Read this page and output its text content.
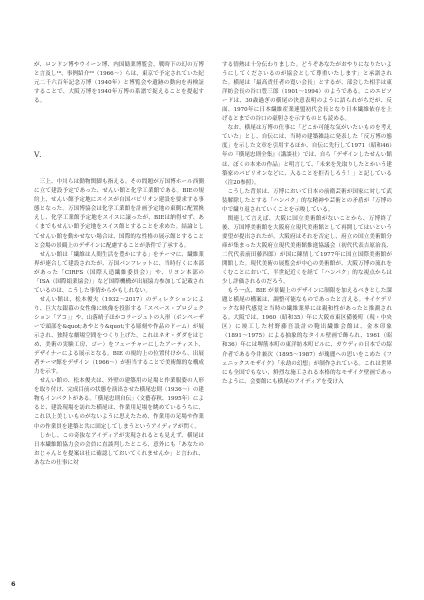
が、ロンドン博やウイーン博、内国勧業博覧会、戦時下の幻の万博と言及し¹⁹、事例紹介²⁰（1966〜）らは、東京で予定されていた紀元二千六百年記念万博（1940年）と博覧会や遺跡の動向を再検証することで、大阪万博を1940年万博の系譜で捉えることを提起する。

V.

三上、中川らは動物関脚も指える。その問題が万国博ホール西側に立て建設予定であった、せんい館と化学工業館である。BIEの規約上、せんい館予定地にスイスが自国パビリオン建設を要求する事態となった。万国博協会は化学工業館を計画予定地の東側に配置換えし、化学工業館予定地をスイスに譲ったが、BIEは納得せず、あくまでもせんい館予定地をスイス館とすることを求めた。結論としてせんい館を動かせない場合は、国際的な性格の展示館とすることと会場の景観上のデザインに配慮することが条件で了承する。

せんい館は「繊維は人間生活を豊かにする」をテーマに、繊維業界が連合して建設されたが、万国パンフレットに、当時行くに本部があった「CIRFS（国際人造繊維委員会）」や、リヨン本部の「ISA（国際絹業協会）」など国際機構が出展協力参加して記載されているのは、こうした事情からかもしれない。

せんい館は、松本俊夫（1932〜2017）のディレクションにより、巨大な銀幕の女性像に映像を投影する「スペース・プロジェクション「アコ」」や、山落晴子ほかコラージュトの人形（ボンペーザーで頭部を&quot;あやとり&quot;する彫刻や作品のドーム）が展示され、独特な劇場空間をつくり上げた。これはネオ・ダダをはじめ、美術の実験工房、ゴー）をフューチャーにしたアーティスト、デザイナーによる展示となる。BIE の規約上の位置付けから、出展者テーマ館をデザイン（1966〜）が担当することで美術館的な構成力を示す。

せんい館の、松本俊夫は、外壁の建築用の足場と作業服姿の人形を取り付け、完成目前の状態を演出させた横尾忠則（1936〜）の建物もインパクトがある。「横尾忠則自伝」（文藝春秋、1995年）によると、建設現場を訪れた横尾は、作業用足場を眺めているうちに、これ以上美しいものがないように思えたため、作業用の足場や作業中の作業員を建築と共に固定してしまうというアイディアが閃く。

しかし、この奇抜なアイディアが実現されるとも見えず、横尾は日本繊維館協力会の会員に直談判したところ、意外にも「あなたのおじゃんとを提案は社に確認しておいてくれませんか」と言われ、あなたの仕事に対

する情熱は十分伝わりました。どうぞあなたがおやりになりたいようにしてくださいるのが協会として尊重いたします」と承諾された。横尾は「最高責任者の寛い会長」とするが、部会した相手は東洋紡会長の谷口豊三郎（1901〜1994）のようである。このエピソードは、30歳過ぎの横尾の決意表明のように語られがちだが、反面、1970年に日本繊維産業連盟初代会長となり日本繊維依存を上げるとまでの谷口の豪胆さを示すものとも読める。

なお、横尾は万博の仕事に「どこか可能な気がいたいものを考えていた」とし、自伝には、当時の建築雑誌に発表した「反万博の態度」を示した文章を引用するほか、自伝に先行して1971（昭和46）年の『横尾忠則全集』（講談社）では、自ら「デザインしたせんい館は、ぼくの本来の作品」と明言して、「未来を先取りしたとかいう建築家のパビリオンなどに、入ることを拒否しろう！」と記している（注20参照）。

こうした背景は、万博において日本の前衛芸術が国家に対して武装解除したとする「ハンパク」的な精神や芸術との矛盾が「万博の中で繊り返されていくことを示唆している。

関連して言えば、大阪に国立美術館がないことから、万博終了後、万国博美術館を大阪府立現代美術館として再開してはいという要望が提出されたが、大阪府はそれを否定し、府立の国立美術館分庫が集まった大阪府立現代美術館推進協議会（初代代表吉原治良、二代代表前田藤四郎）が国に陳情して1977年に国立国際美術館が開館した。現代美術の展覧会が中心の美術館が、大阪万博の流れをくむことにおいて、半世紀近くを経て「ハンパク」的な視点からは少し評価されるのだろう。

もう一点、BIE が景観上のデザインに制限を加えるべきとした課題と横尾の構案は、調整可能なものであったと言える。サイケデリックな時代感覚と当時の繊維業界には親和性があったと推測される。大阪では、1960（昭和35）年に大阪市東区備後町（現・中央区）に竣工した村野藤吾設計の鞄出繊維会館は、金本印象（1891〜1975）による抽象的なタイル壁画で飾られ、1961（昭和36）年には堺筋本町の東洋紡本町ビルに、ガウディの日本での紹介者である今井兼次（1895〜1987）が瑰麗への思いをこめた《フェニックスモザイク》「永劫の幻想」が制作されている。これは世界にも全国でもない、鮮烈な施工される本格的なモザイク壁画であったように、会要館にも横尾のアイディアを受け入

6
